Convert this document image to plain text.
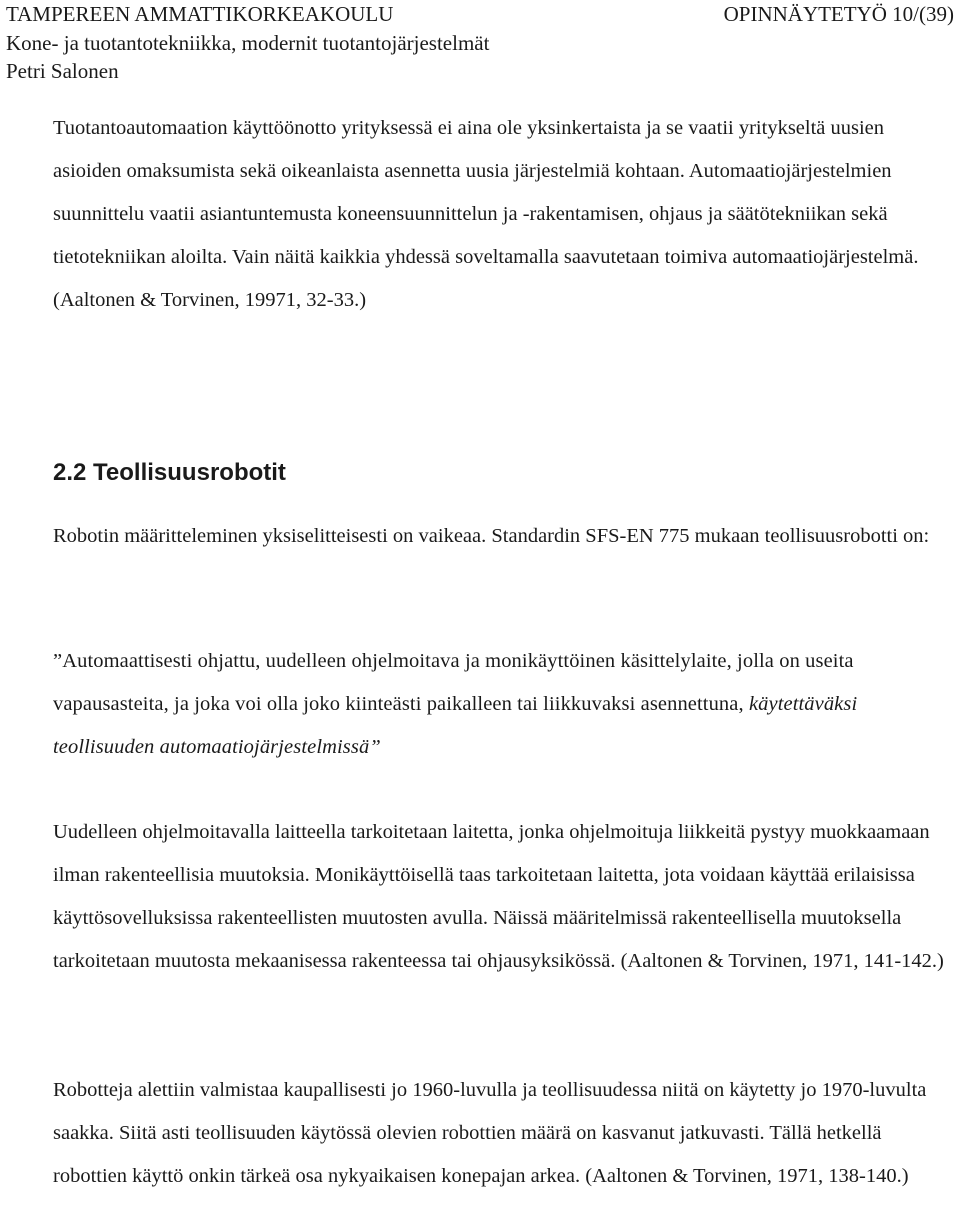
TAMPEREEN AMMATTIKORKEAKOULU	OPINNÄYTETYÖ 10/(39)
Kone- ja tuotantotekniikka, modernit tuotantojärjestelmät
Petri Salonen

Tuotantoautomaation käyttöönotto yrityksessä ei aina ole yksinkertaista ja se vaatii yritykseltä uusien asioiden omaksumista sekä oikeanlaista asennetta uusia järjestelmiä kohtaan. Automaatiojärjestelmien suunnittelu vaatii asiantuntemusta koneensuunnittelun ja -rakentamisen, ohjaus ja säätötekniikan sekä tietotekniikan aloilta. Vain näitä kaikkia yhdessä soveltamalla saavutetaan toimiva automaatiojärjestelmä. (Aaltonen & Torvinen, 19971, 32-33.)

2.2 Teollisuusrobotit

Robotin määritteleminen yksiselitteisesti on vaikeaa. Standardin SFS-EN 775 mukaan teollisuusrobotti on:

”Automaattisesti ohjattu, uudelleen ohjelmoitava ja monikäyttöinen käsittelylaite, jolla on useita vapausasteita, ja joka voi olla joko kiinteästi paikalleen tai liikkuvaksi asennettuna, käytettäväksi teollisuuden automaatiojärjestelmissä”

Uudelleen ohjelmoitavalla laitteella tarkoitetaan laitetta, jonka ohjelmoituja liikkeitä pystyy muokkaamaan ilman rakenteellisia muutoksia. Monikäyttöisellä taas tarkoitetaan laitetta, jota voidaan käyttää erilaisissa käyttösovelluksissa rakenteellisten muutosten avulla. Näissä määritelmissä rakenteellisella muutoksella tarkoitetaan muutosta mekaanisessa rakenteessa tai ohjausyksikössä. (Aaltonen & Torvinen, 1971, 141-142.)

Robotteja alettiin valmistaa kaupallisesti jo 1960-luvulla ja teollisuudessa niitä on käytetty jo 1970-luvulta saakka. Siitä asti teollisuuden käytössä olevien robottien määrä on kasvanut jatkuvasti. Tällä hetkellä robottien käyttö onkin tärkeä osa nykyaikaisen konepajan arkea. (Aaltonen & Torvinen, 1971, 138-140.)
